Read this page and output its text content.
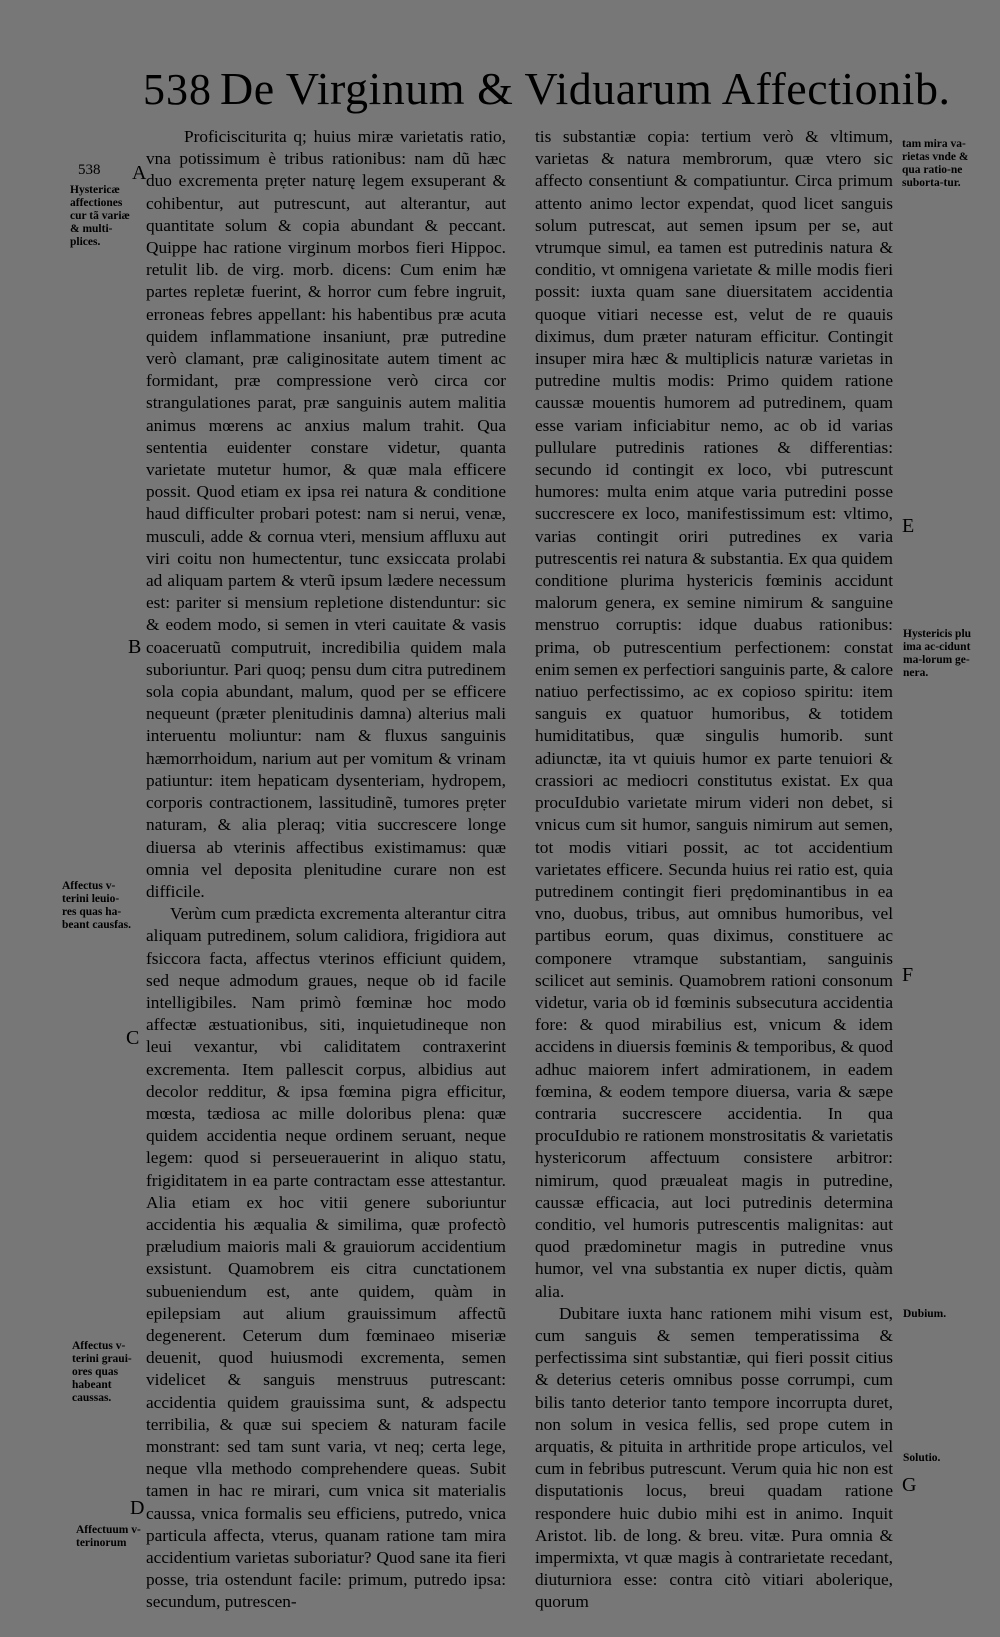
538 De Virginum & Viduarum Affectionib.
538 A
Hystericæ affectiones cur tã variæ & multi-plices.
B
Affectus v-terini leuio-res quas ha-beant causfas.
C
Affectus v-terini graui-ores quas habeant caussas.
D
Affectuum v-terinorum
tam mira va-rietas vnde & qua ratio-ne suborta-tur.
E
Hystericis plu ima ac-cidunt ma-lorum ge-nera.
F
Dubium.
Solutio.
G

Proficisciturita q; huius miræ varietatis ratio, vna potissimum è tribus rationibus: nam dũ hæc duo excrementa prẹter naturę legem exsuperant & cohibentur, aut putrescunt, aut alterantur, aut quantitate solum & copia abundant & peccant. Quippe hac ratione virginum morbos fieri Hippoc. retulit lib. de virg. morb. dicens: Cum enim hæ partes repletæ fuerint, & horror cum febre ingruit, erroneas febres appellant: his habentibus præ acuta quidem inflammatione insaniunt, præ putredine verò clamant, præ caliginositate autem timent ac formidant, præ compressione verò circa cor strangulationes parat, præ sanguinis autem malitia animus mœrens ac anxius malum trahit. Qua sententia euidenter constare videtur, quanta varietate mutetur humor, & quæ mala efficere possit. Quod etiam ex ipsa rei natura & conditione haud difficulter probari potest: nam si nerui, venæ, musculi, adde & cornua vteri, mensium affluxu aut viri coitu non humectentur, tunc exsiccata prolabi ad aliquam partem & vterũ ipsum lædere necessum est: pariter si mensium repletione distenduntur: sic & eodem modo, si semen in vteri cauitate & vasis coaceruatũ computruit, incredibilia quidem mala suboriuntur. Pari quoq; pensu dum citra putredinem sola copia abundant, malum, quod per se efficere nequeunt (præter plenitudinis damna) alterius mali interuentu moliuntur: nam & fluxus sanguinis hæmorrhoidum, narium aut per vomitum & vrinam patiuntur: item hepaticam dysenteriam, hydropem, corporis contractionem, lassitudinẽ, tumores prẹter naturam, & alia pleraq; vitia succrescere longe diuersa ab vterinis affectibus existimamus: quæ omnia vel deposita plenitudine curare non est difficile.

Verùm cum prædicta excrementa alterantur citra aliquam putredinem, solum calidiora, frigidiora aut fsiccora facta, affectus vterinos efficiunt quidem, sed neque admodum graues, neque ob id facile intelligibiles. Nam primò fœminæ hoc modo affectæ æstuationibus, siti, inquietudineque non leui vexantur, vbi caliditatem contraxerint excrementa. Item pallescit corpus, albidius aut decolor redditur, & ipsa fœmina pigra efficitur, mœsta, tædiosa ac mille doloribus plena: quæ quidem accidentia neque ordinem seruant, neque legem: quod si perseuerauerint in aliquo statu, frigiditatem in ea parte contractam esse attestantur. Alia etiam ex hoc vitii genere suboriuntur accidentia his æqualia & similima, quæ profectò præludium maioris mali & grauiorum accidentium exsistunt. Quamobrem eis citra cunctationem subueniendum est, ante quidem, quàm in epilepsiam aut alium grauissimum affectũ degenerent. Ceterum dum fœminaeo miseriæ deuenit, quod huiusmodi excrementa, semen videlicet & sanguis menstruus putrescant: accidentia quidem grauissima sunt, & adspectu terribilia, & quæ sui speciem & naturam facile monstrant: sed tam sunt varia, vt neq; certa lege, neque vlla methodo comprehendere queas. Subit tamen in hac re mirari, cum vnica sit materialis caussa, vnica formalis seu efficiens, putredo, vnica particula affecta, vterus, quanam ratione tam mira accidentium varietas suboriatur? Quod sane ita fieri posse, tria ostendunt facile: primum, putredo ipsa: secundum, putrescen-

tis substantiæ copia: tertium verò & vltimum, varietas & natura membrorum, quæ vtero sic affecto consentiunt & compatiuntur. Circa primum attento animo lector expendat, quod licet sanguis solum putrescat, aut semen ipsum per se, aut vtrumque simul, ea tamen est putredinis natura & conditio, vt omnigena varietate & mille modis fieri possit: iuxta quam sane diuersitatem accidentia quoque vitiari necesse est, velut de re quauis diximus, dum præter naturam efficitur. Contingit insuper mira hæc & multiplicis naturæ varietas in putredine multis modis: Primo quidem ratione caussæ mouentis humorem ad putredinem, quam esse variam inficiabitur nemo, ac ob id varias pullulare putredinis rationes & differentias: secundo id contingit ex loco, vbi putrescunt humores: multa enim atque varia putredini posse succrescere ex loco, manifestissimum est: vltimo, varias contingit oriri putredines ex varia putrescentis rei natura & substantia. Ex qua quidem conditione plurima hystericis fœminis accidunt malorum genera, ex semine nimirum & sanguine menstruo corruptis: idque duabus rationibus: prima, ob putrescentium perfectionem: constat enim semen ex perfectiori sanguinis parte, & calore natiuo perfectissimo, ac ex copioso spiritu: item sanguis ex quatuor humoribus, & totidem humiditatibus, quæ singulis humorib. sunt adiunctæ, ita vt quiuis humor ex parte tenuiori & crassiori ac mediocri constitutus existat. Ex qua procuIdubio varietate mirum videri non debet, si vnicus cum sit humor, sanguis nimirum aut semen, tot modis vitiari possit, ac tot accidentium varietates efficere. Secunda huius rei ratio est, quia putredinem contingit fieri prędominantibus in ea vno, duobus, tribus, aut omnibus humoribus, vel partibus eorum, quas diximus, constituere ac componere vtramque substantiam, sanguinis scilicet aut seminis. Quamobrem rationi consonum videtur, varia ob id fœminis subsecutura accidentia fore: & quod mirabilius est, vnicum & idem accidens in diuersis fœminis & temporibus, & quod adhuc maiorem infert admirationem, in eadem fœmina, & eodem tempore diuersa, varia & sæpe contraria succrescere accidentia. In qua procuIdubio re rationem monstrositatis & varietatis hystericorum affectuum consistere arbitror: nimirum, quod præualeat magis in putredine, caussæ efficacia, aut loci putredinis determina conditio, vel humoris putrescentis malignitas: aut quod prædominetur magis in putredine vnus humor, vel vna substantia ex nuper dictis, quàm alia.

Dubitare iuxta hanc rationem mihi visum est, cum sanguis & semen temperatissima & perfectissima sint substantiæ, qui fieri possit citius & deterius ceteris omnibus posse corrumpi, cum bilis tanto deterior tanto tempore incorrupta duret, non solum in vesica fellis, sed prope cutem in arquatis, & pituita in arthritide prope articulos, vel cum in febribus putrescunt. Verum quia hic non est disputationis locus, breui quadam ratione respondere huic dubio mihi est in animo. Inquit Aristot. lib. de long. & breu. vitæ. Pura omnia & impermixta, vt quæ magis à contrarietate recedant, diuturniora esse: contra citò vitiari abolerique, quorum
